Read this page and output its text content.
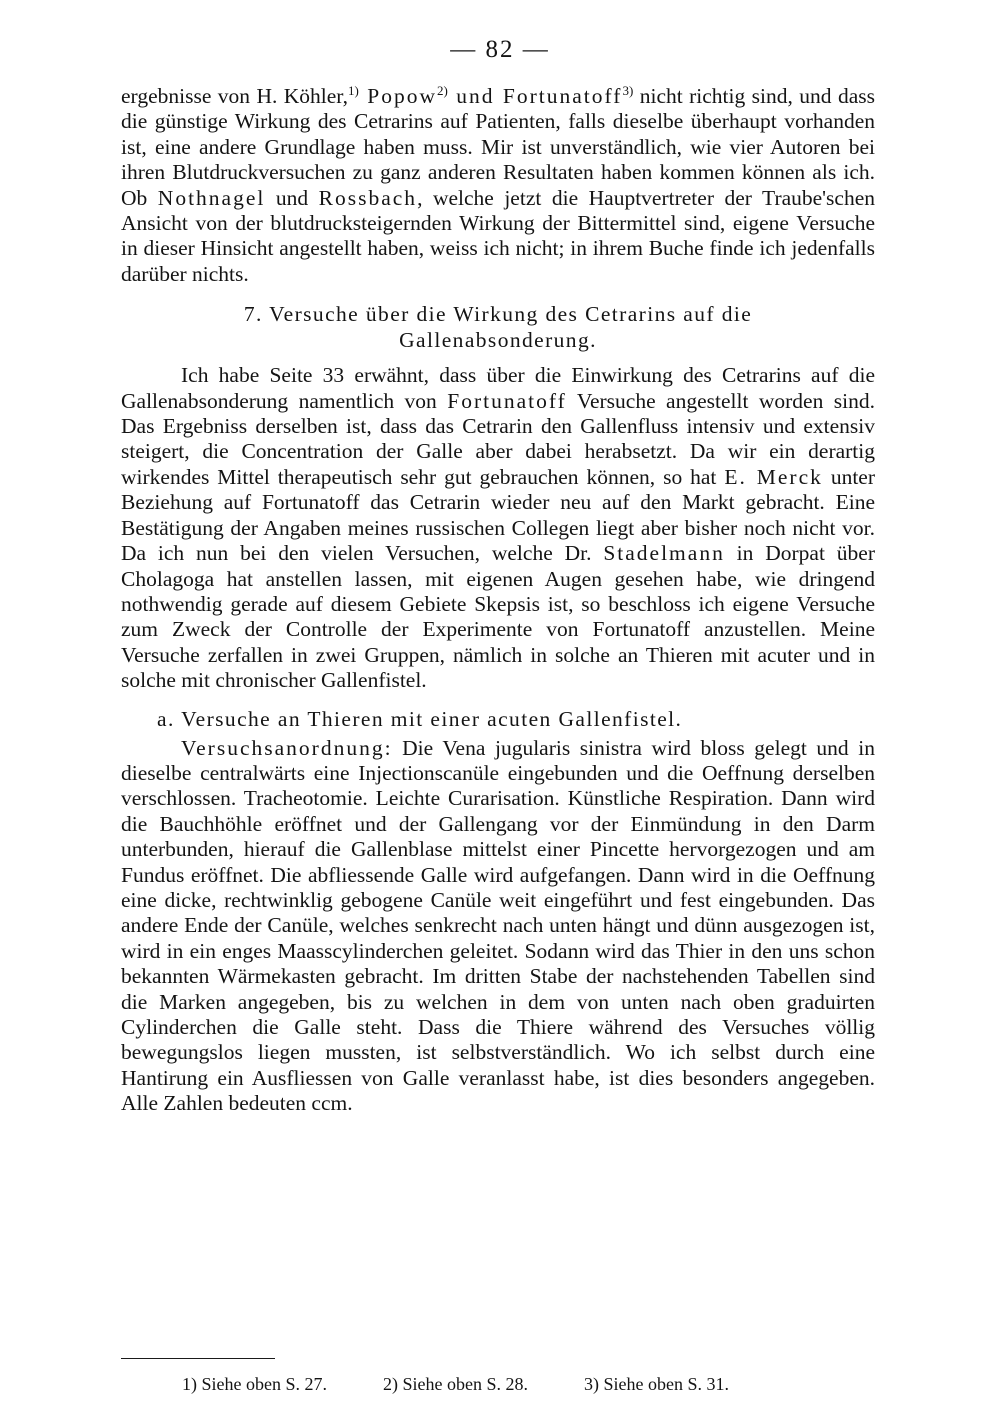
— 82 —

ergebnisse von H. Köhler,$^{1)}$ Popow$^{2)}$ und Fortunatoff$^{3)}$ nicht richtig sind, und dass die günstige Wirkung des Cetrarins auf Patienten, falls dieselbe überhaupt vorhanden ist, eine andere Grundlage haben muss. Mir ist unverständlich, wie vier Autoren bei ihren Blutdruckversuchen zu ganz anderen Resultaten haben kommen können als ich. Ob Nothnagel und Rossbach, welche jetzt die Hauptvertreter der Traube'schen Ansicht von der blutdrucksteigernden Wirkung der Bittermittel sind, eigene Versuche in dieser Hinsicht angestellt haben, weiss ich nicht; in ihrem Buche finde ich jedenfalls darüber nichts.

7. Versuche über die Wirkung des Cetrarins auf die
Gallenabsonderung.

Ich habe Seite 33 erwähnt, dass über die Einwirkung des Cetrarins auf die Gallenabsonderung namentlich von Fortunatoff Versuche angestellt worden sind. Das Ergebniss derselben ist, dass das Cetrarin den Gallenfluss intensiv und extensiv steigert, die Concentration der Galle aber dabei herabsetzt. Da wir ein derartig wirkendes Mittel therapeutisch sehr gut gebrauchen können, so hat E. Merck unter Beziehung auf Fortunatoff das Cetrarin wieder neu auf den Markt gebracht. Eine Bestätigung der Angaben meines russischen Collegen liegt aber bisher noch nicht vor. Da ich nun bei den vielen Versuchen, welche Dr. Stadelmann in Dorpat über Cholagoga hat anstellen lassen, mit eigenen Augen gesehen habe, wie dringend nothwendig gerade auf diesem Gebiete Skepsis ist, so beschloss ich eigene Versuche zum Zweck der Controlle der Experimente von Fortunatoff anzustellen. Meine Versuche zerfallen in zwei Gruppen, nämlich in solche an Thieren mit acuter und in solche mit chronischer Gallenfistel.

a. Versuche an Thieren mit einer acuten Gallenfistel.

Versuchsanordnung: Die Vena jugularis sinistra wird bloss gelegt und in dieselbe centralwärts eine Injectionscanüle eingebunden und die Oeffnung derselben verschlossen. Tracheotomie. Leichte Curarisation. Künstliche Respiration. Dann wird die Bauchhöhle eröffnet und der Gallengang vor der Einmündung in den Darm unterbunden, hierauf die Gallenblase mittelst einer Pincette hervorgezogen und am Fundus eröffnet. Die abfliessende Galle wird aufgefangen. Dann wird in die Oeffnung eine dicke, rechtwinklig gebogene Canüle weit eingeführt und fest eingebunden. Das andere Ende der Canüle, welches senkrecht nach unten hängt und dünn ausgezogen ist, wird in ein enges Maasscylinderchen geleitet. Sodann wird das Thier in den uns schon bekannten Wärmekasten gebracht. Im dritten Stabe der nachstehenden Tabellen sind die Marken angegeben, bis zu welchen in dem von unten nach oben graduirten Cylinderchen die Galle steht. Dass die Thiere während des Versuches völlig bewegungslos liegen mussten, ist selbstverständlich. Wo ich selbst durch eine Hantirung ein Ausfliessen von Galle veranlasst habe, ist dies besonders angegeben. Alle Zahlen bedeuten ccm.

1) Siehe oben S. 27.	2) Siehe oben S. 28.	3) Siehe oben S. 31.
